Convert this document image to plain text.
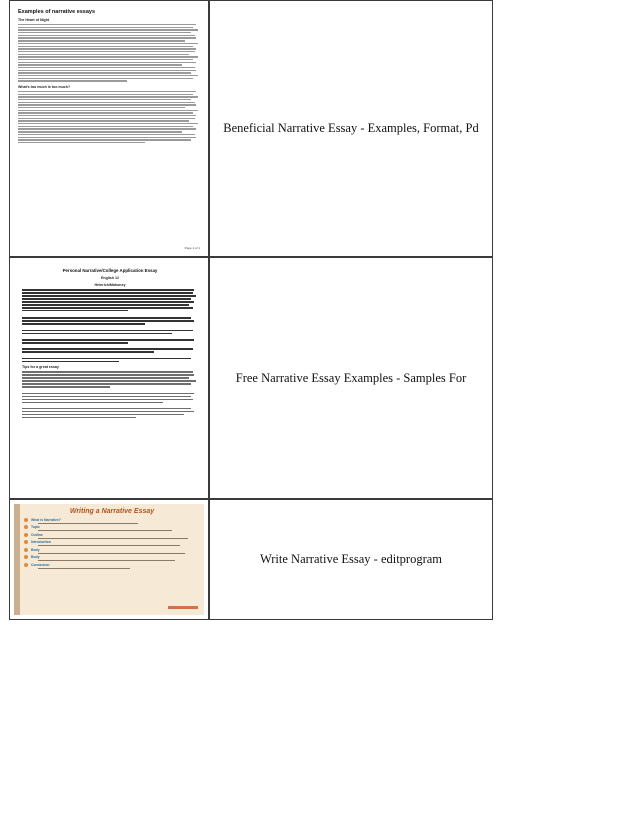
Examples of narrative essays
The Heart of Night
What's too much is too much?
Page 1 of 1
Beneficial Narrative Essay - Examples, Format, Pd
Personal Narrative/College Application Essay
English 12
Heinrich/Mahoney
Tips for a great essay
Free Narrative Essay Examples - Samples For
Writing a Narrative Essay
What is Narrative?
Topic
Outline
Introduction
Body
Body
Conclusion	Write Narrative Essay - editprogram
